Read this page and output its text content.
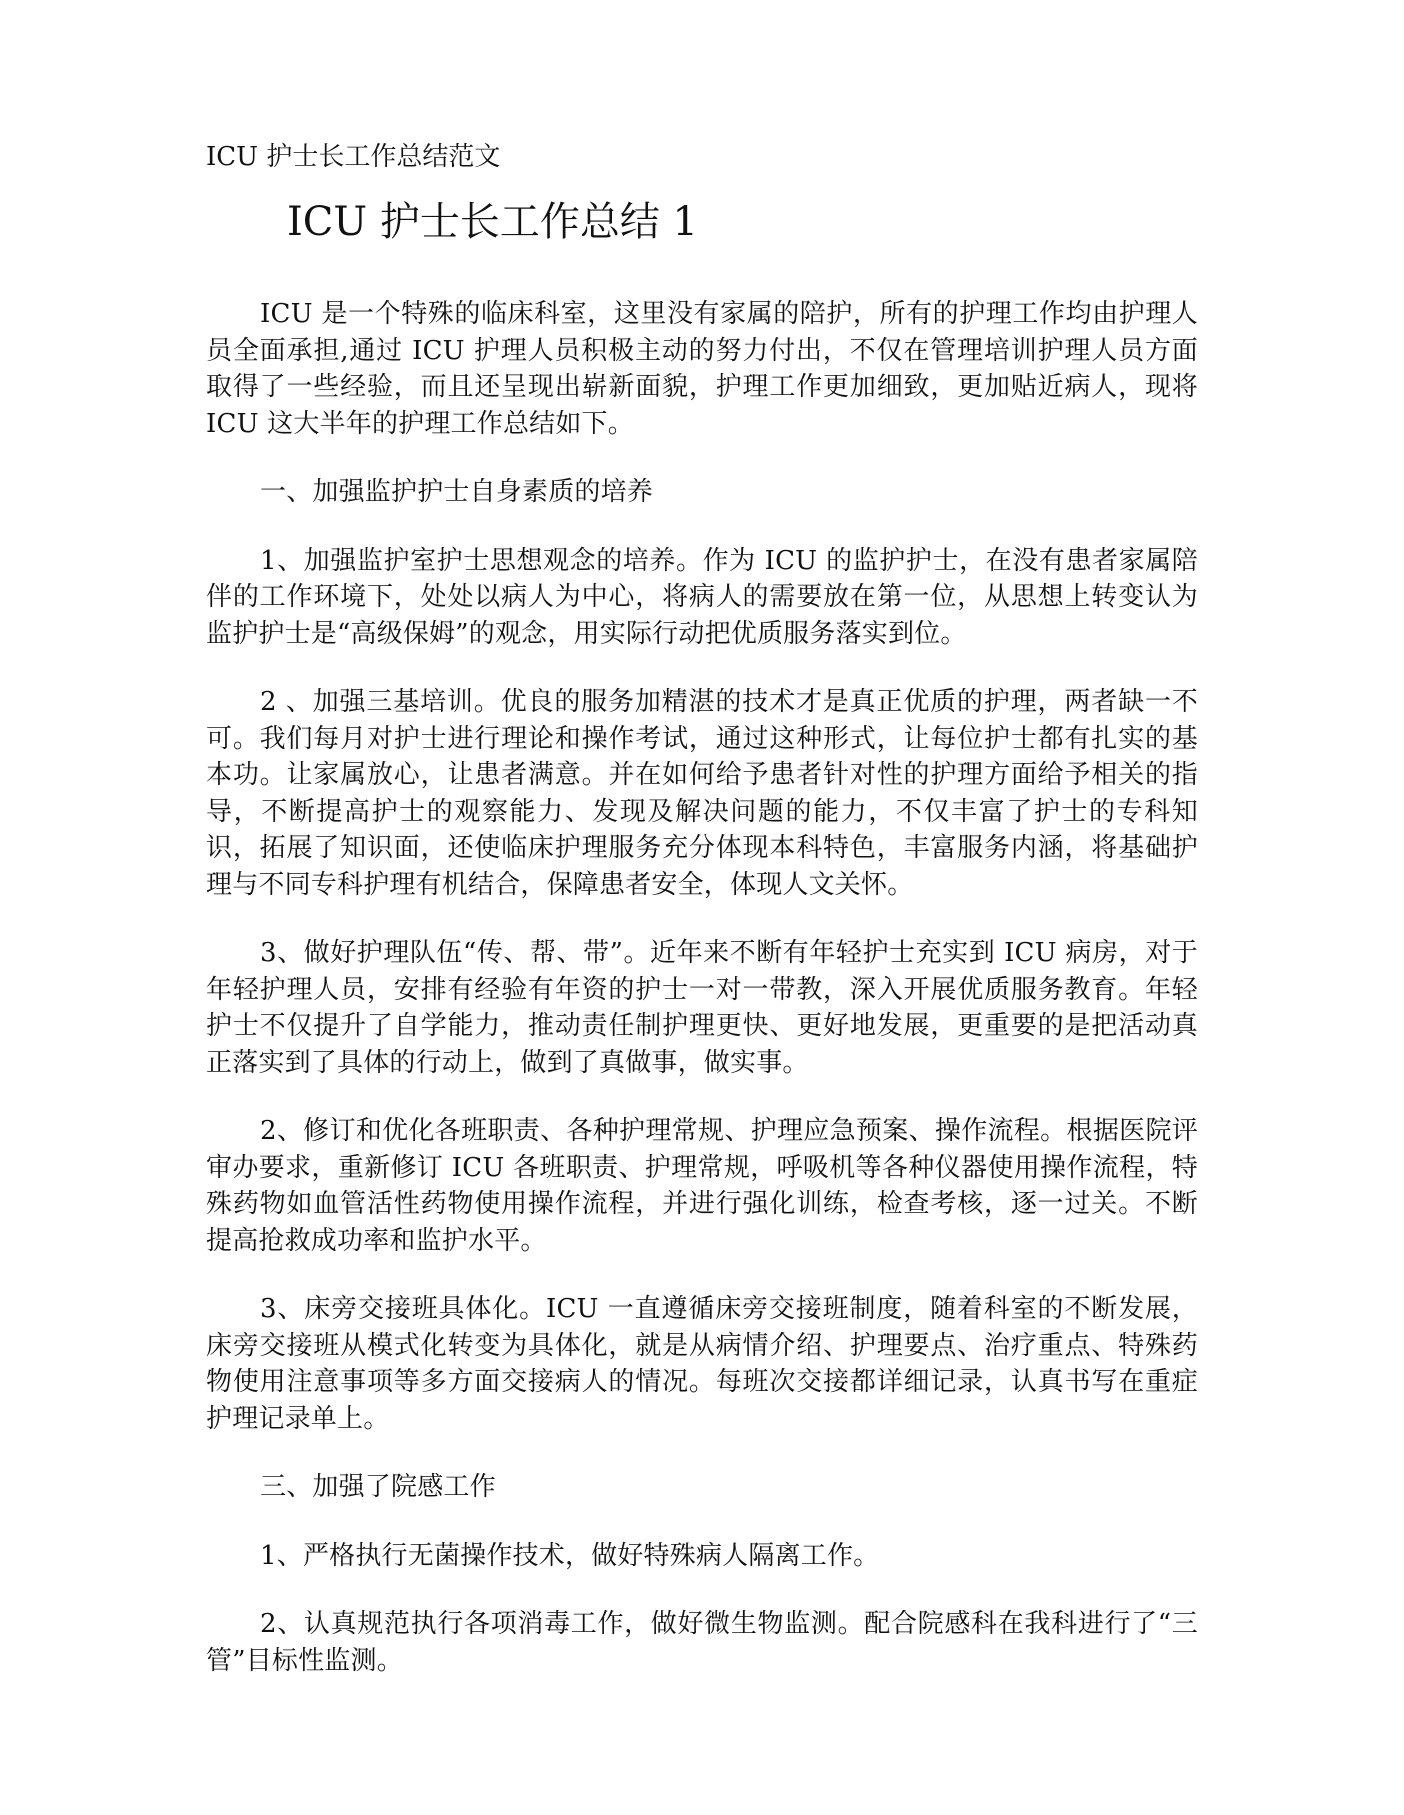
ICU 护士长工作总结范文

ICU 护士长工作总结 1

ICU 是一个特殊的临床科室，这里没有家属的陪护，所有的护理工作均由护理人员全面承担,通过 ICU 护理人员积极主动的努力付出，不仅在管理培训护理人员方面取得了一些经验，而且还呈现出崭新面貌，护理工作更加细致，更加贴近病人，现将 ICU 这大半年的护理工作总结如下。

一、加强监护护士自身素质的培养

1、加强监护室护士思想观念的培养。作为 ICU 的监护护士，在没有患者家属陪伴的工作环境下，处处以病人为中心，将病人的需要放在第一位，从思想上转变认为监护护士是“高级保姆”的观念，用实际行动把优质服务落实到位。

2 、加强三基培训。优良的服务加精湛的技术才是真正优质的护理，两者缺一不可。我们每月对护士进行理论和操作考试，通过这种形式，让每位护士都有扎实的基本功。让家属放心，让患者满意。并在如何给予患者针对性的护理方面给予相关的指导，不断提高护士的观察能力、发现及解决问题的能力，不仅丰富了护士的专科知识，拓展了知识面，还使临床护理服务充分体现本科特色，丰富服务内涵，将基础护理与不同专科护理有机结合，保障患者安全，体现人文关怀。

3、做好护理队伍“传、帮、带”。近年来不断有年轻护士充实到 ICU 病房，对于年轻护理人员，安排有经验有年资的护士一对一带教，深入开展优质服务教育。年轻护士不仅提升了自学能力，推动责任制护理更快、更好地发展，更重要的是把活动真正落实到了具体的行动上，做到了真做事，做实事。

2、修订和优化各班职责、各种护理常规、护理应急预案、操作流程。根据医院评审办要求，重新修订 ICU 各班职责、护理常规，呼吸机等各种仪器使用操作流程，特殊药物如血管活性药物使用操作流程，并进行强化训练，检查考核，逐一过关。不断提高抢救成功率和监护水平。

3、床旁交接班具体化。ICU 一直遵循床旁交接班制度，随着科室的不断发展，床旁交接班从模式化转变为具体化，就是从病情介绍、护理要点、治疗重点、特殊药物使用注意事项等多方面交接病人的情况。每班次交接都详细记录，认真书写在重症护理记录单上。

三、加强了院感工作

1、严格执行无菌操作技术，做好特殊病人隔离工作。

2、认真规范执行各项消毒工作，做好微生物监测。配合院感科在我科进行了“三管”目标性监测。
